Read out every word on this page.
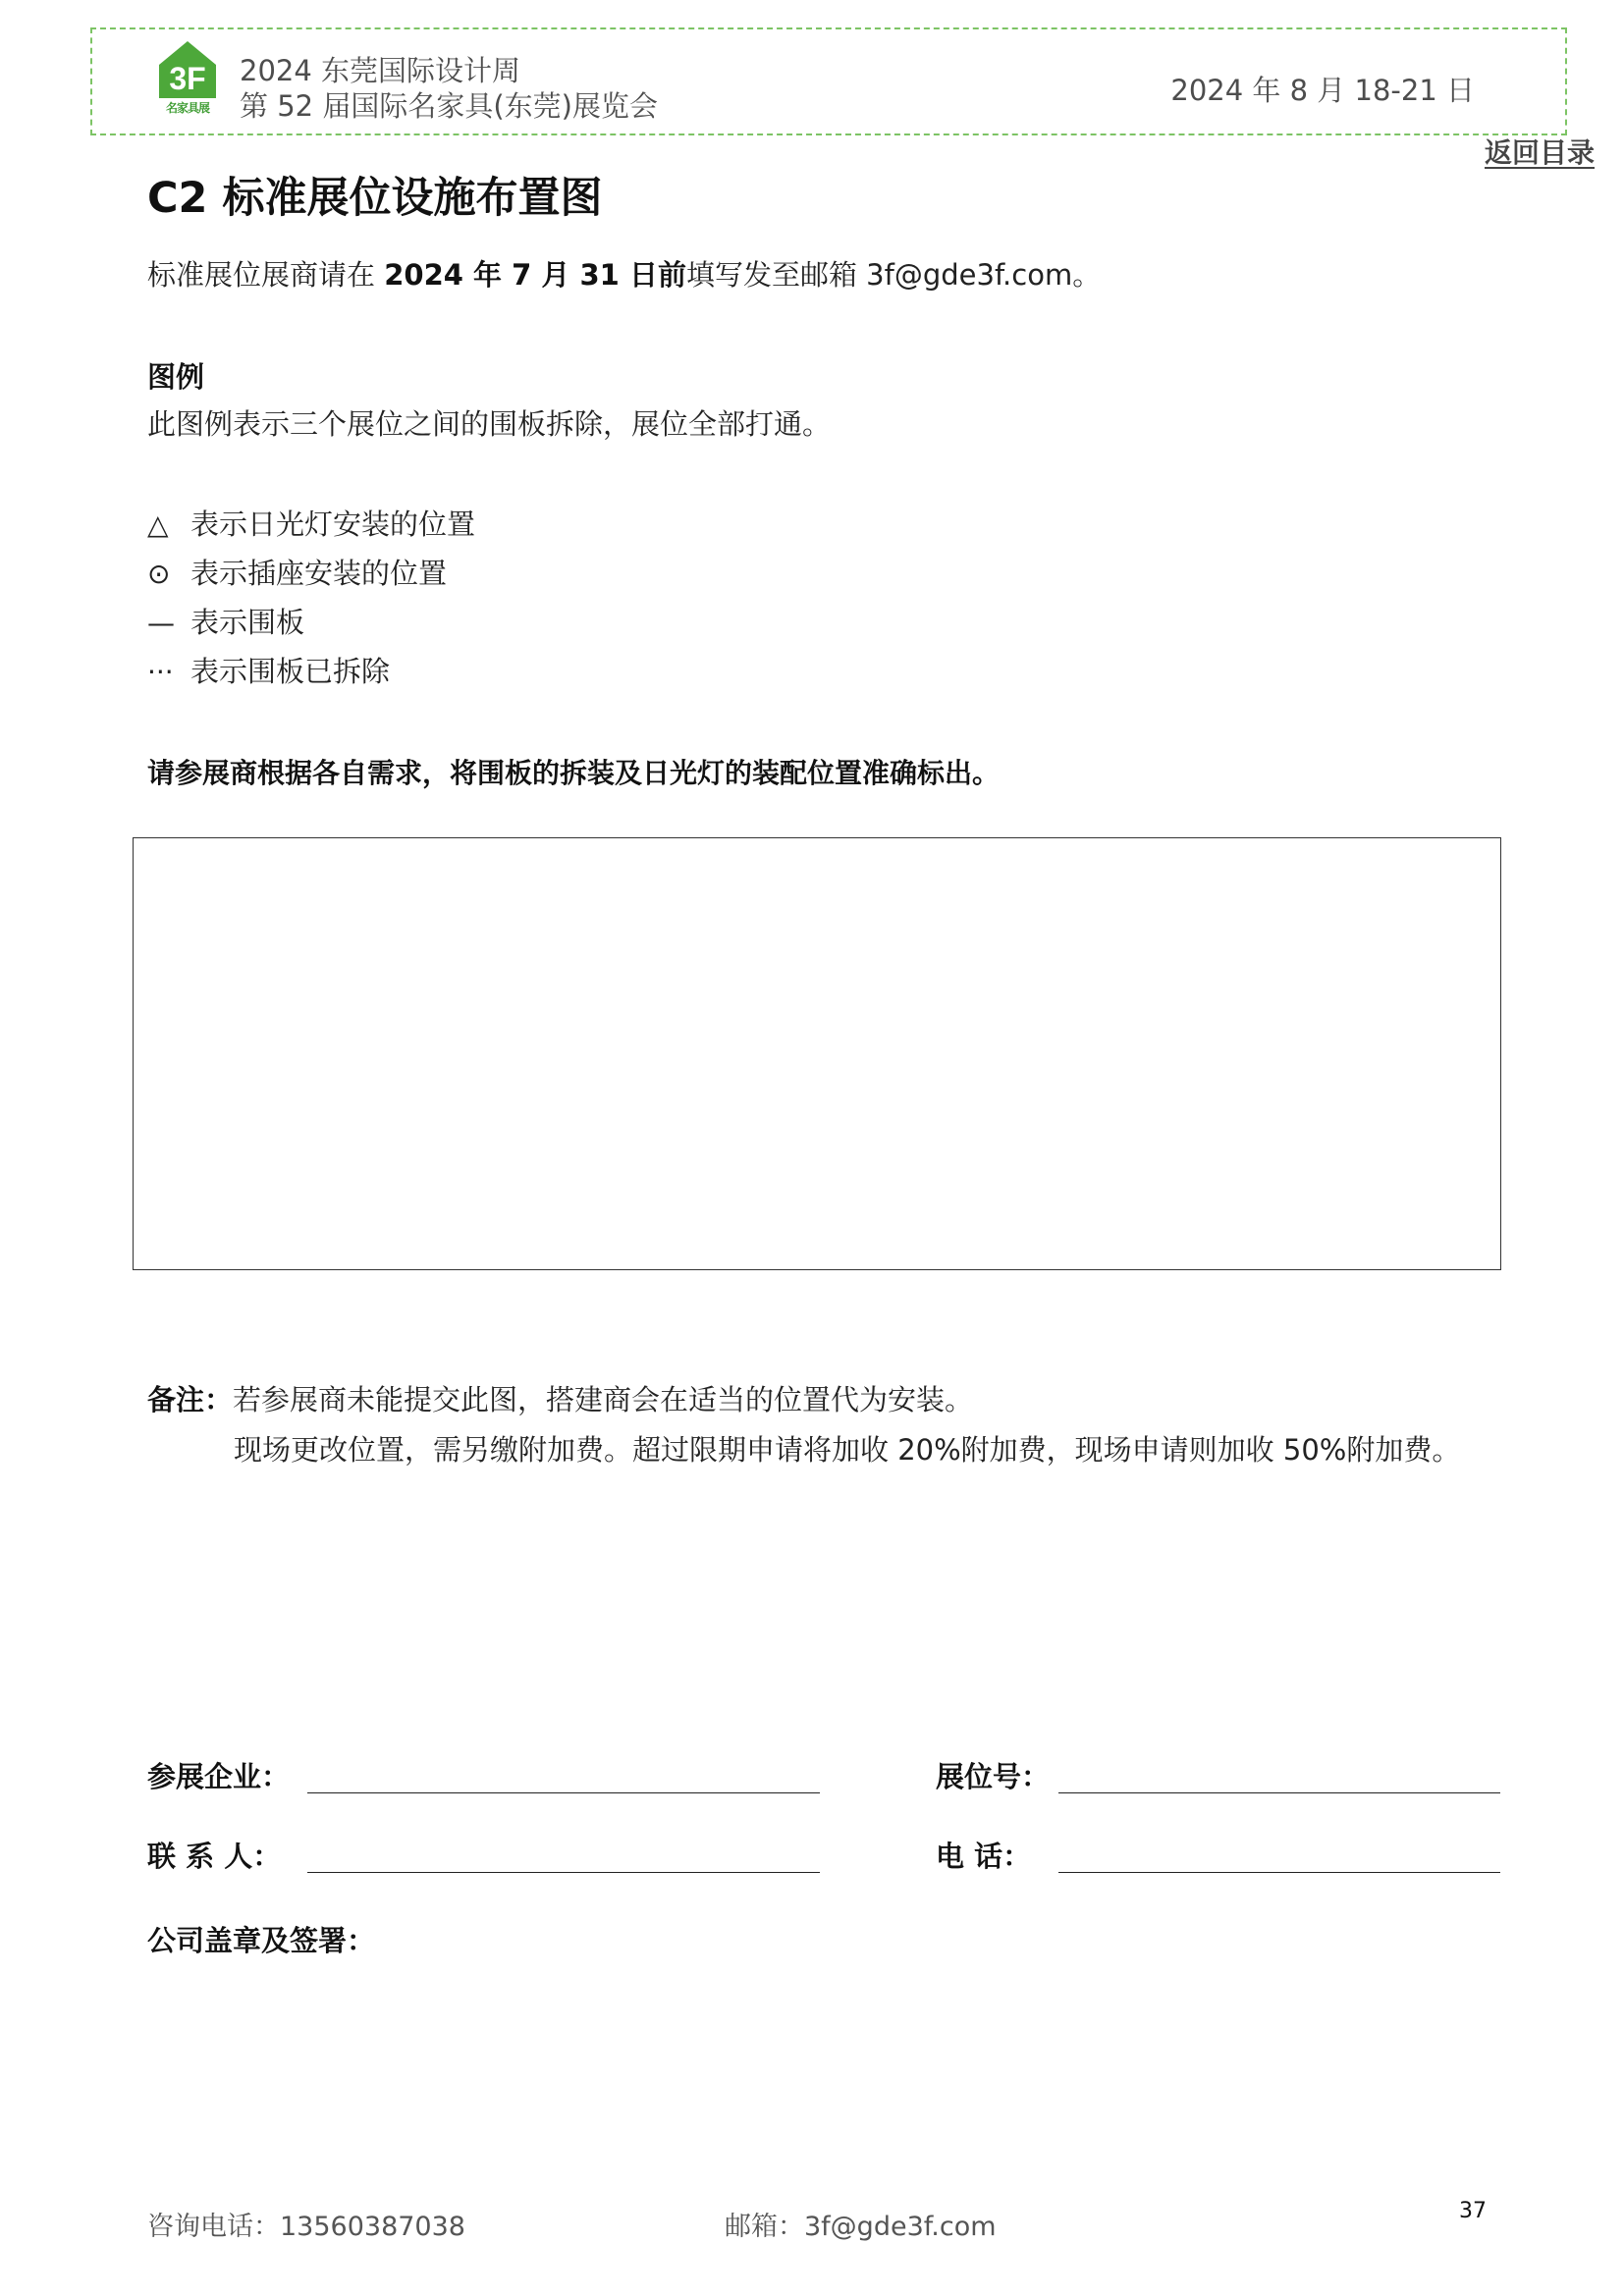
3F
名家具展
2024 东莞国际设计周
第 52 届国际名家具(东莞)展览会	2024 年 8 月 18-21 日
返回目录
C2 标准展位设施布置图
标准展位展商请在 2024 年 7 月 31 日前填写发至邮箱 3f@gde3f.com。
图例
此图例表示三个展位之间的围板拆除，展位全部打通。
△ 表示日光灯安装的位置
⊙ 表示插座安装的位置
— 表示围板
··· 表示围板已拆除
请参展商根据各自需求，将围板的拆装及日光灯的装配位置准确标出。
备注：若参展商未能提交此图，搭建商会在适当的位置代为安装。
现场更改位置，需另缴附加费。超过限期申请将加收 20%附加费，现场申请则加收 50%附加费。
参展企业：	展位号：
联 系 人：	电 话：
公司盖章及签署：
咨询电话：13560387038	邮箱：3f@gde3f.com
37
